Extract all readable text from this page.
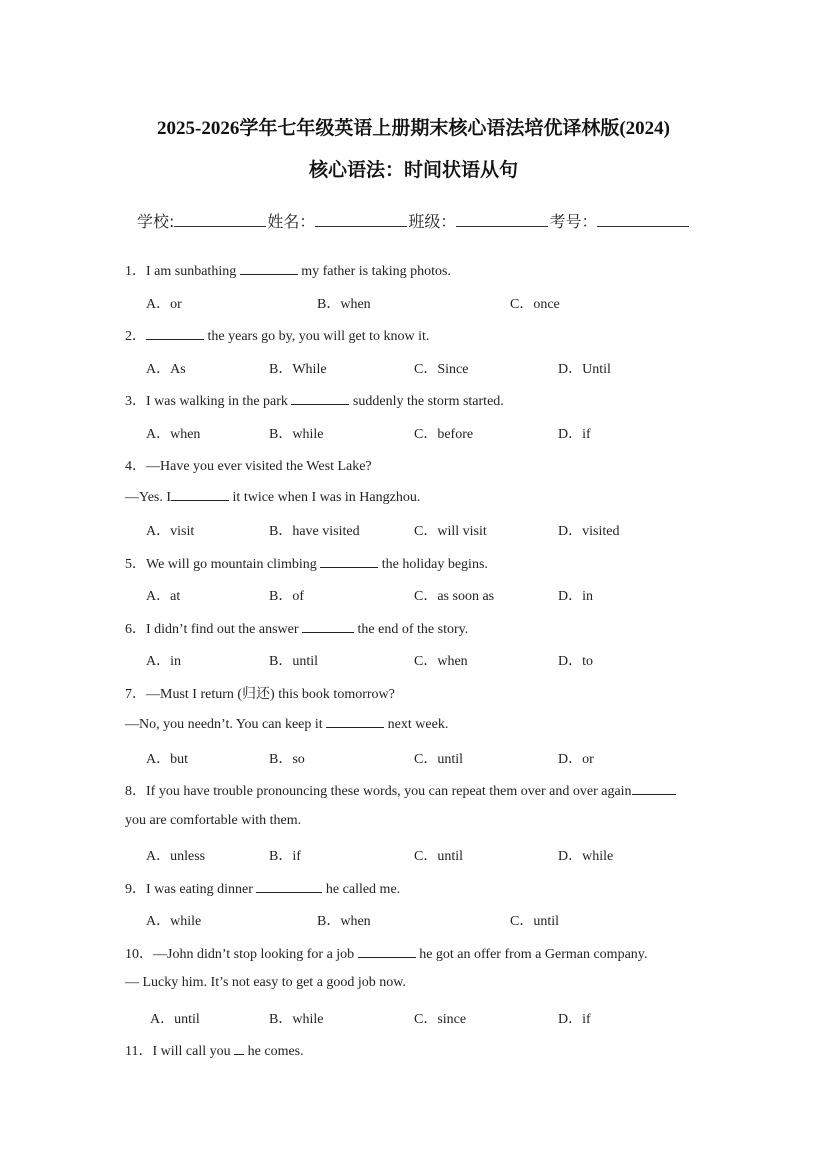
2025-2026学年七年级英语上册期末核心语法培优译林版(2024)
核心语法：时间状语从句
学校:	姓名：	班级：	考号：
1．I am sunbathing	my father is taking photos.
A．or	B．when	C．once
2．	the years go by, you will get to know it.
A．As	B．While	C．Since	D．Until
3．I was walking in the park	suddenly the storm started.
A．when	B．while	C．before	D．if
4．—Have you ever visited the West Lake?
—Yes. I	it twice when I was in Hangzhou.
A．visit	B．have visited	C．will visit	D．visited
5．We will go mountain climbing	the holiday begins.
A．at	B．of	C．as soon as	D．in
6．I didn’t find out the answer	the end of the story.
A．in	B．until	C．when	D．to
7．—Must I return (归还) this book tomorrow?
—No, you needn’t. You can keep it	next week.
A．but	B．so	C．until	D．or
8．If you have trouble pronouncing these words, you can repeat them over and over again
you are comfortable with them.
A．unless	B．if	C．until	D．while
9．I was eating dinner	he called me.
A．while	B．when	C．until
10．—John didn’t stop looking for a job	he got an offer from a German company.
— Lucky him. It’s not easy to get a good job now.
A．until	B．while	C．since	D．if
11．I will call you  he comes.
